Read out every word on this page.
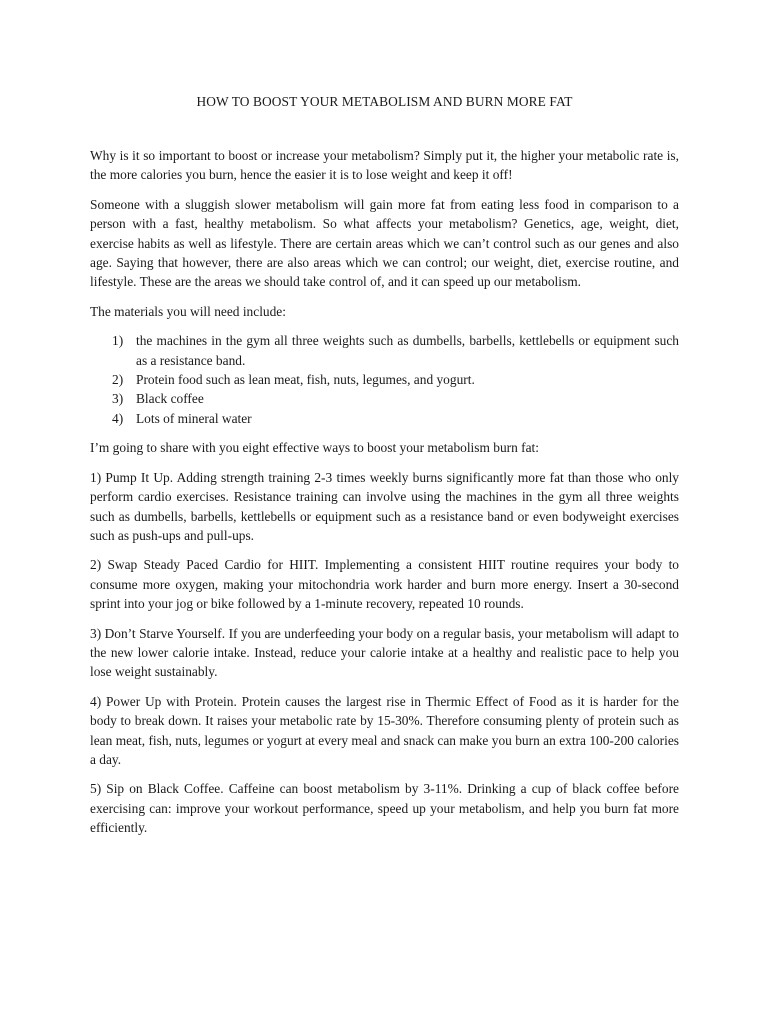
HOW TO BOOST YOUR METABOLISM AND BURN MORE FAT

Why is it so important to boost or increase your metabolism? Simply put it, the higher your metabolic rate is, the more calories you burn, hence the easier it is to lose weight and keep it off!

Someone with a sluggish slower metabolism will gain more fat from eating less food in comparison to a person with a fast, healthy metabolism. So what affects your metabolism? Genetics, age, weight, diet, exercise habits as well as lifestyle. There are certain areas which we can’t control such as our genes and also age. Saying that however, there are also areas which we can control; our weight, diet, exercise routine, and lifestyle. These are the areas we should take control of, and it can speed up our metabolism.

The materials you will need include:

1) the machines in the gym all three weights such as dumbells, barbells, kettlebells or equipment such as a resistance band.
2) Protein food such as lean meat, fish, nuts, legumes, and yogurt.
3) Black coffee
4) Lots of mineral water

I’m going to share with you eight effective ways to boost your metabolism burn fat:

1) Pump It Up. Adding strength training 2-3 times weekly burns significantly more fat than those who only perform cardio exercises. Resistance training can involve using the machines in the gym all three weights such as dumbells, barbells, kettlebells or equipment such as a resistance band or even bodyweight exercises such as push-ups and pull-ups.

2) Swap Steady Paced Cardio for HIIT. Implementing a consistent HIIT routine requires your body to consume more oxygen, making your mitochondria work harder and burn more energy. Insert a 30-second sprint into your jog or bike followed by a 1-minute recovery, repeated 10 rounds.

3) Don’t Starve Yourself. If you are underfeeding your body on a regular basis, your metabolism will adapt to the new lower calorie intake. Instead, reduce your calorie intake at a healthy and realistic pace to help you lose weight sustainably.

4) Power Up with Protein. Protein causes the largest rise in Thermic Effect of Food as it is harder for the body to break down. It raises your metabolic rate by 15-30%. Therefore consuming plenty of protein such as lean meat, fish, nuts, legumes or yogurt at every meal and snack can make you burn an extra 100-200 calories a day.

5) Sip on Black Coffee. Caffeine can boost metabolism by 3-11%. Drinking a cup of black coffee before exercising can: improve your workout performance, speed up your metabolism, and help you burn fat more efficiently.
